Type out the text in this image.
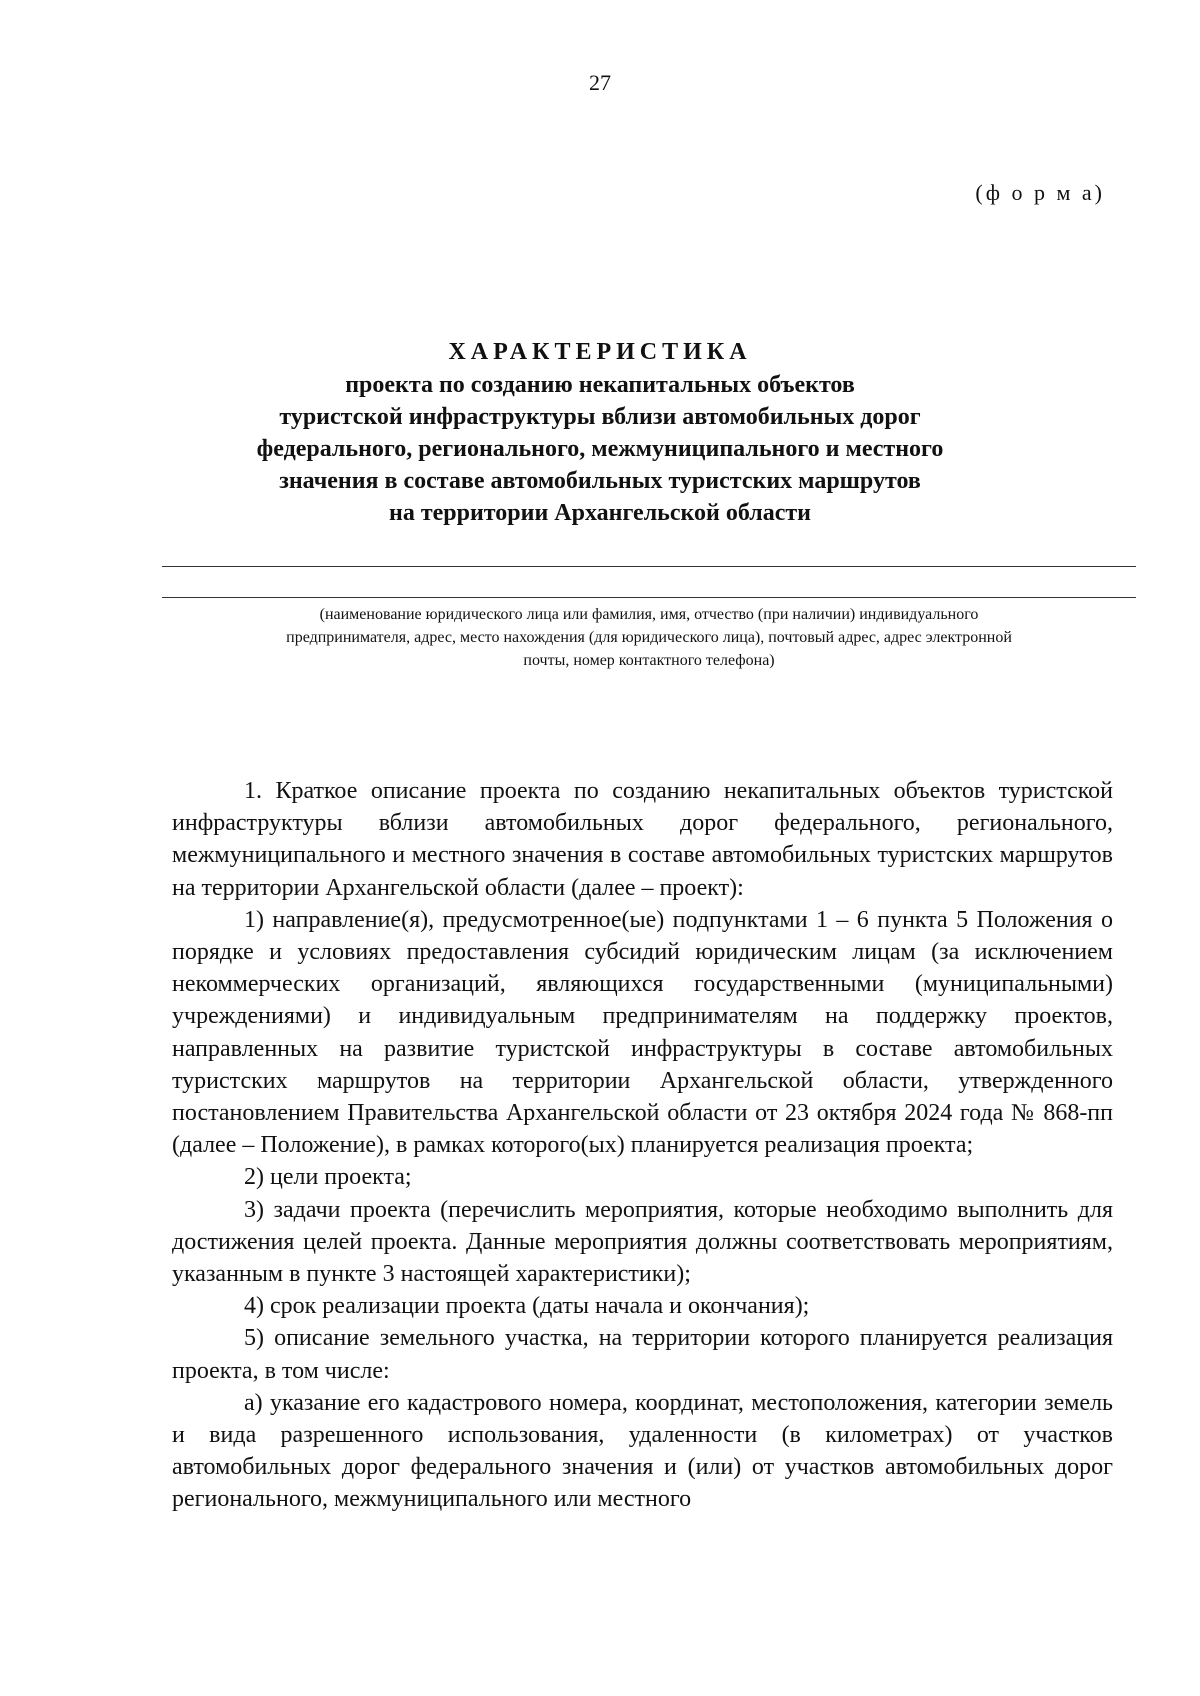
27
(ф о р м а)
ХАРАКТЕРИСТИКА
проекта по созданию некапитальных объектов
туристской инфраструктуры вблизи автомобильных дорог
федерального, регионального, межмуниципального и местного
значения в составе автомобильных туристских маршрутов
на территории Архангельской области
(наименование юридического лица или фамилия, имя, отчество (при наличии) индивидуального
предпринимателя, адрес, место нахождения (для юридического лица), почтовый адрес, адрес электронной
почты, номер контактного телефона)

1. Краткое описание проекта по созданию некапитальных объектов туристской инфраструктуры вблизи автомобильных дорог федерального, регионального, межмуниципального и местного значения в составе автомобильных туристских маршрутов на территории Архангельской области (далее – проект):

1) направление(я), предусмотренное(ые) подпунктами 1 – 6 пункта 5 Положения о порядке и условиях предоставления субсидий юридическим лицам (за исключением некоммерческих организаций, являющихся государственными (муниципальными) учреждениями) и индивидуальным предпринимателям на поддержку проектов, направленных на развитие туристской инфраструктуры в составе автомобильных туристских маршрутов на территории Архангельской области, утвержденного постановлением Правительства Архангельской области от 23 октября 2024 года № 868-пп (далее – Положение), в рамках которого(ых) планируется реализация проекта;

2) цели проекта;

3) задачи проекта (перечислить мероприятия, которые необходимо выполнить для достижения целей проекта. Данные мероприятия должны соответствовать мероприятиям, указанным в пункте 3 настоящей характеристики);

4) срок реализации проекта (даты начала и окончания);

5) описание земельного участка, на территории которого планируется реализация проекта, в том числе:

а) указание его кадастрового номера, координат, местоположения, категории земель и вида разрешенного использования, удаленности (в километрах) от участков автомобильных дорог федерального значения и (или) от участков автомобильных дорог регионального, межмуниципального или местного
